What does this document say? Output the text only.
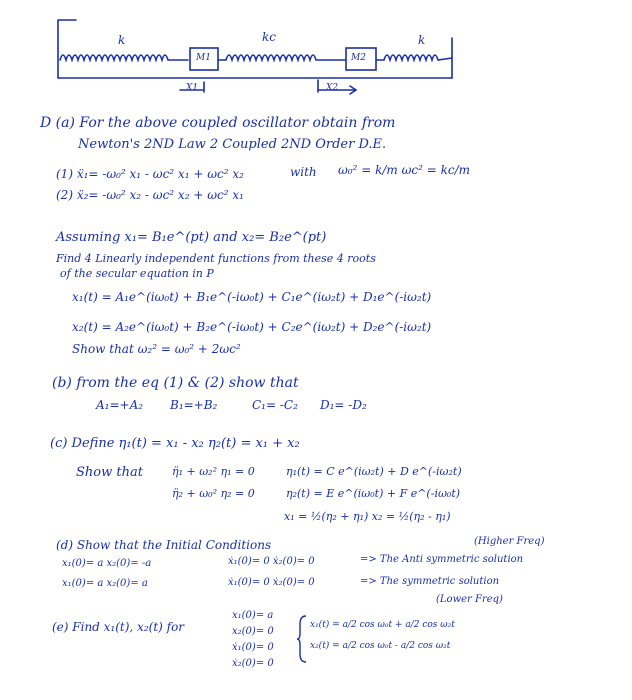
k	kc	k
M1	M2
X1	X2
D (a) For the above coupled oscillator obtain from
Newton's 2ND Law 2 Coupled 2ND Order D.E.
(1) ẍ₁= -ω₀² x₁ - ωc² x₁ + ωc² x₂
(2) ẍ₂= -ω₀² x₂ - ωc² x₂ + ωc² x₁
with ω₀² = k/m ωc² = kc/m
Assuming x₁= B₁e^(pt) and x₂= B₂e^(pt)
Find 4 Linearly independent functions from these 4 roots
of the secular equation in P
x₁(t) = A₁e^(iω₀t) + B₁e^(-iω₀t) + C₁e^(iω₂t) + D₁e^(-iω₂t)
x₂(t) = A₂e^(iω₀t) + B₂e^(-iω₀t) + C₂e^(iω₂t) + D₂e^(-iω₂t)
Show that ω₂² = ω₀² + 2ωc²
(b) from the eq (1) & (2) show that
A₁=+A₂ B₁=+B₂	C₁= -C₂ D₁= -D₂
(c) Define η₁(t) = x₁ - x₂ η₂(t) = x₁ + x₂
Show that	η̈₁ + ω₂² η₁ = 0
η̈₂ + ω₀² η₂ = 0
η₁(t) = C e^(iω₂t) + D e^(-iω₂t)
η₂(t) = E e^(iω₀t) + F e^(-iω₀t)
x₁ = ½(η₂ + η₁) x₂ = ½(η₂ - η₁)
(d) Show that the Initial Conditions	(Higher Freq)
x₁(0)= a x₂(0)= -a	ẋ₁(0)= 0 ẋ₂(0)= 0	=> The Anti symmetric solution
x₁(0)= a x₂(0)= a	ẋ₁(0)= 0 ẋ₂(0)= 0	=> The symmetric solution
(Lower Freq)
(e) Find x₁(t), x₂(t) for
x₁(0)= a
x₂(0)= 0
ẋ₁(0)= 0
ẋ₂(0)= 0
x₁(t) = a/2 cos ω₀t + a/2 cos ω₂t
x₂(t) = a/2 cos ω₀t - a/2 cos ω₂t
